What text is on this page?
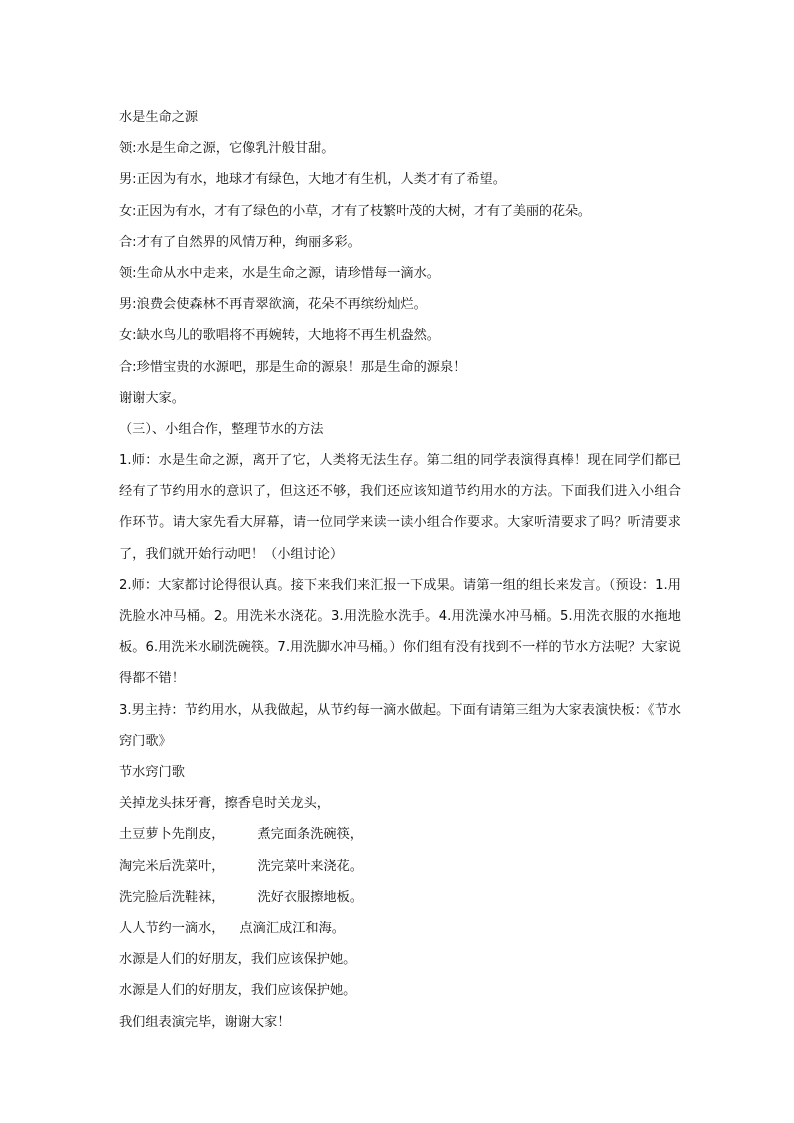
水是生命之源
领:水是生命之源，它像乳汁般甘甜。
男:正因为有水，地球才有绿色，大地才有生机，人类才有了希望。
女:正因为有水，才有了绿色的小草，才有了枝繁叶茂的大树，才有了美丽的花朵。
合:才有了自然界的风情万种，绚丽多彩。
领:生命从水中走来，水是生命之源，请珍惜每一滴水。
男:浪费会使森林不再青翠欲滴，花朵不再缤纷灿烂。
女:缺水鸟儿的歌唱将不再婉转，大地将不再生机盎然。
合:珍惜宝贵的水源吧，那是生命的源泉！那是生命的源泉！
谢谢大家。
（三）、小组合作，整理节水的方法
1.师：水是生命之源，离开了它，人类将无法生存。第二组的同学表演得真棒！现在同学们都已经有了节约用水的意识了，但这还不够，我们还应该知道节约用水的方法。下面我们进入小组合作环节。请大家先看大屏幕，请一位同学来读一读小组合作要求。大家听清要求了吗？听清要求了，我们就开始行动吧！（小组讨论）
2.师：大家都讨论得很认真。接下来我们来汇报一下成果。请第一组的组长来发言。（预设：1.用洗脸水冲马桶。2。用洗米水浇花。3.用洗脸水洗手。4.用洗澡水冲马桶。5.用洗衣服的水拖地板。6.用洗米水刷洗碗筷。7.用洗脚水冲马桶。）你们组有没有找到不一样的节水方法呢？大家说得都不错！
3.男主持：节约用水，从我做起，从节约每一滴水做起。下面有请第三组为大家表演快板：《节水窍门歌》
节水窍门歌
关掉龙头抹牙膏，擦香皂时关龙头，
土豆萝卜先削皮，	煮完面条洗碗筷，
淘完米后洗菜叶，	洗完菜叶来浇花。
洗完脸后洗鞋袜，	洗好衣服擦地板。
人人节约一滴水， 点滴汇成江和海。
水源是人们的好朋友，我们应该保护她。
水源是人们的好朋友，我们应该保护她。
我们组表演完毕，谢谢大家！
